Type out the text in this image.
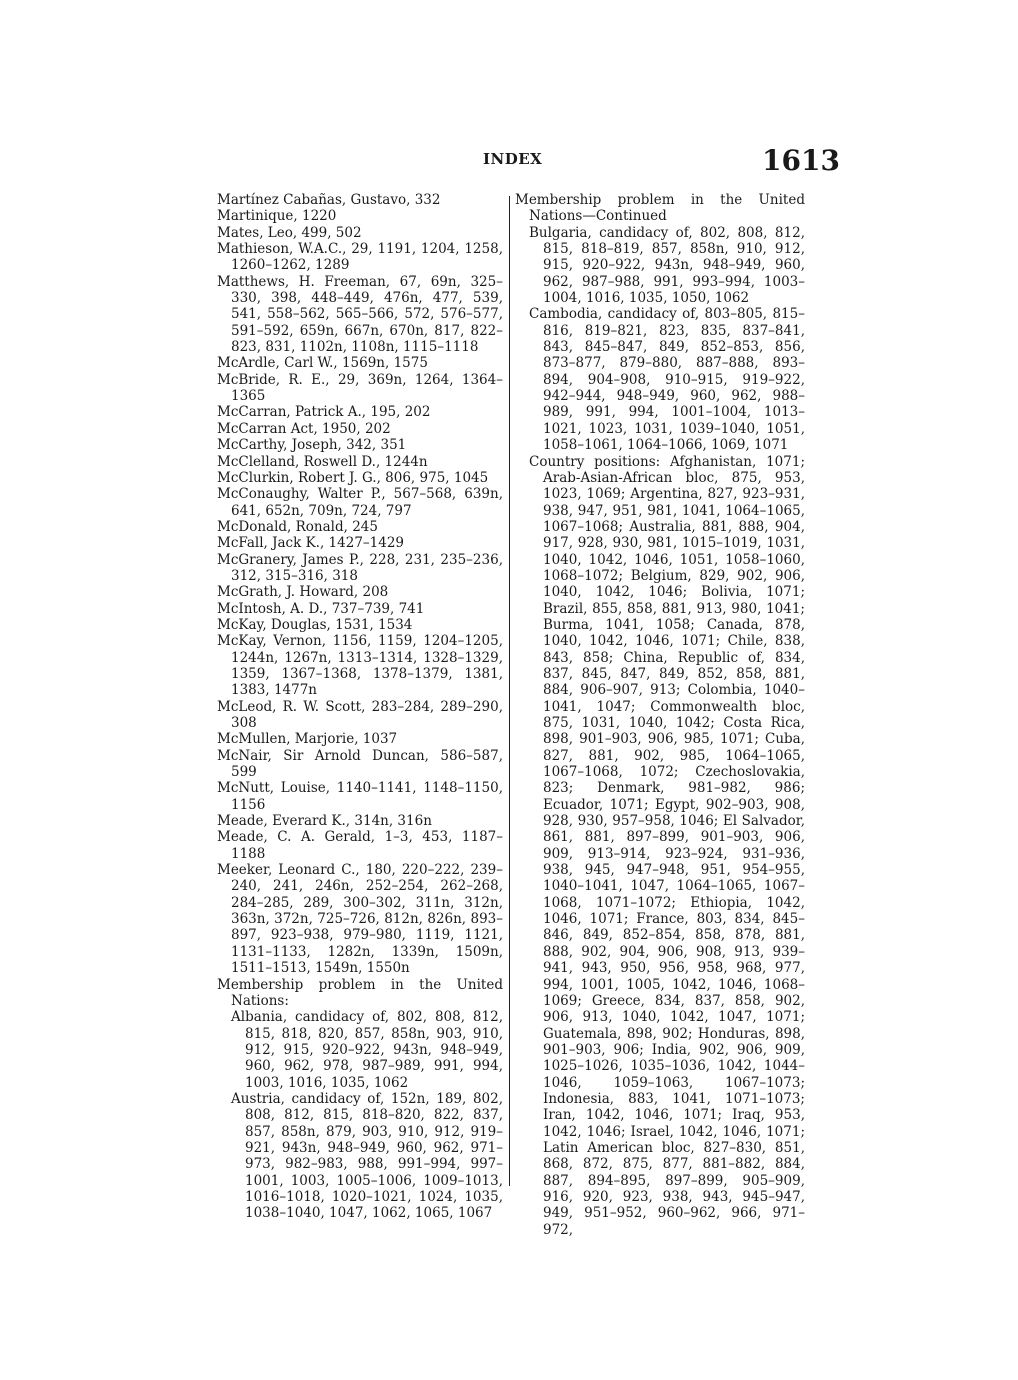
INDEX	1613

Martínez Cabañas, Gustavo, 332

Martinique, 1220

Mates, Leo, 499, 502

Mathieson, W.A.C., 29, 1191, 1204, 1258, 1260–1262, 1289

Matthews, H. Freeman, 67, 69n, 325–330, 398, 448–449, 476n, 477, 539, 541, 558–562, 565–566, 572, 576–577, 591–592, 659n, 667n, 670n, 817, 822–823, 831, 1102n, 1108n, 1115–1118

McArdle, Carl W., 1569n, 1575

McBride, R. E., 29, 369n, 1264, 1364–1365

McCarran, Patrick A., 195, 202

McCarran Act, 1950, 202

McCarthy, Joseph, 342, 351

McClelland, Roswell D., 1244n

McClurkin, Robert J. G., 806, 975, 1045

McConaughy, Walter P., 567–568, 639n, 641, 652n, 709n, 724, 797

McDonald, Ronald, 245

McFall, Jack K., 1427–1429

McGranery, James P., 228, 231, 235–236, 312, 315–316, 318

McGrath, J. Howard, 208

McIntosh, A. D., 737–739, 741

McKay, Douglas, 1531, 1534

McKay, Vernon, 1156, 1159, 1204–1205, 1244n, 1267n, 1313–1314, 1328–1329, 1359, 1367–1368, 1378–1379, 1381, 1383, 1477n

McLeod, R. W. Scott, 283–284, 289–290, 308

McMullen, Marjorie, 1037

McNair, Sir Arnold Duncan, 586–587, 599

McNutt, Louise, 1140–1141, 1148–1150, 1156

Meade, Everard K., 314n, 316n

Meade, C. A. Gerald, 1–3, 453, 1187–1188

Meeker, Leonard C., 180, 220–222, 239–240, 241, 246n, 252–254, 262–268, 284–285, 289, 300–302, 311n, 312n, 363n, 372n, 725–726, 812n, 826n, 893–897, 923–938, 979–980, 1119, 1121, 1131–1133, 1282n, 1339n, 1509n, 1511–1513, 1549n, 1550n

Membership problem in the United Nations:

Albania, candidacy of, 802, 808, 812, 815, 818, 820, 857, 858n, 903, 910, 912, 915, 920–922, 943n, 948–949, 960, 962, 978, 987–989, 991, 994, 1003, 1016, 1035, 1062

Austria, candidacy of, 152n, 189, 802, 808, 812, 815, 818–820, 822, 837, 857, 858n, 879, 903, 910, 912, 919–921, 943n, 948–949, 960, 962, 971–973, 982–983, 988, 991–994, 997–1001, 1003, 1005–1006, 1009–1013, 1016–1018, 1020–1021, 1024, 1035, 1038–1040, 1047, 1062, 1065, 1067

Membership problem in the United Nations—Continued

Bulgaria, candidacy of, 802, 808, 812, 815, 818–819, 857, 858n, 910, 912, 915, 920–922, 943n, 948–949, 960, 962, 987–988, 991, 993–994, 1003–1004, 1016, 1035, 1050, 1062

Cambodia, candidacy of, 803–805, 815–816, 819–821, 823, 835, 837–841, 843, 845–847, 849, 852–853, 856, 873–877, 879–880, 887–888, 893–894, 904–908, 910–915, 919–922, 942–944, 948–949, 960, 962, 988–989, 991, 994, 1001–1004, 1013–1021, 1023, 1031, 1039–1040, 1051, 1058–1061, 1064–1066, 1069, 1071

Country positions: Afghanistan, 1071; Arab-Asian-African bloc, 875, 953, 1023, 1069; Argentina, 827, 923–931, 938, 947, 951, 981, 1041, 1064–1065, 1067–1068; Australia, 881, 888, 904, 917, 928, 930, 981, 1015–1019, 1031, 1040, 1042, 1046, 1051, 1058–1060, 1068–1072; Belgium, 829, 902, 906, 1040, 1042, 1046; Bolivia, 1071; Brazil, 855, 858, 881, 913, 980, 1041; Burma, 1041, 1058; Canada, 878, 1040, 1042, 1046, 1071; Chile, 838, 843, 858; China, Republic of, 834, 837, 845, 847, 849, 852, 858, 881, 884, 906–907, 913; Colombia, 1040–1041, 1047; Commonwealth bloc, 875, 1031, 1040, 1042; Costa Rica, 898, 901–903, 906, 985, 1071; Cuba, 827, 881, 902, 985, 1064–1065, 1067–1068, 1072; Czechoslovakia, 823; Denmark, 981–982, 986; Ecuador, 1071; Egypt, 902–903, 908, 928, 930, 957–958, 1046; El Salvador, 861, 881, 897–899, 901–903, 906, 909, 913–914, 923–924, 931–936, 938, 945, 947–948, 951, 954–955, 1040–1041, 1047, 1064–1065, 1067–1068, 1071–1072; Ethiopia, 1042, 1046, 1071; France, 803, 834, 845–846, 849, 852–854, 858, 878, 881, 888, 902, 904, 906, 908, 913, 939–941, 943, 950, 956, 958, 968, 977, 994, 1001, 1005, 1042, 1046, 1068–1069; Greece, 834, 837, 858, 902, 906, 913, 1040, 1042, 1047, 1071; Guatemala, 898, 902; Honduras, 898, 901–903, 906; India, 902, 906, 909, 1025–1026, 1035–1036, 1042, 1044–1046, 1059–1063, 1067–1073; Indonesia, 883, 1041, 1071–1073; Iran, 1042, 1046, 1071; Iraq, 953, 1042, 1046; Israel, 1042, 1046, 1071; Latin American bloc, 827–830, 851, 868, 872, 875, 877, 881–882, 884, 887, 894–895, 897–899, 905–909, 916, 920, 923, 938, 943, 945–947, 949, 951–952, 960–962, 966, 971–972,
